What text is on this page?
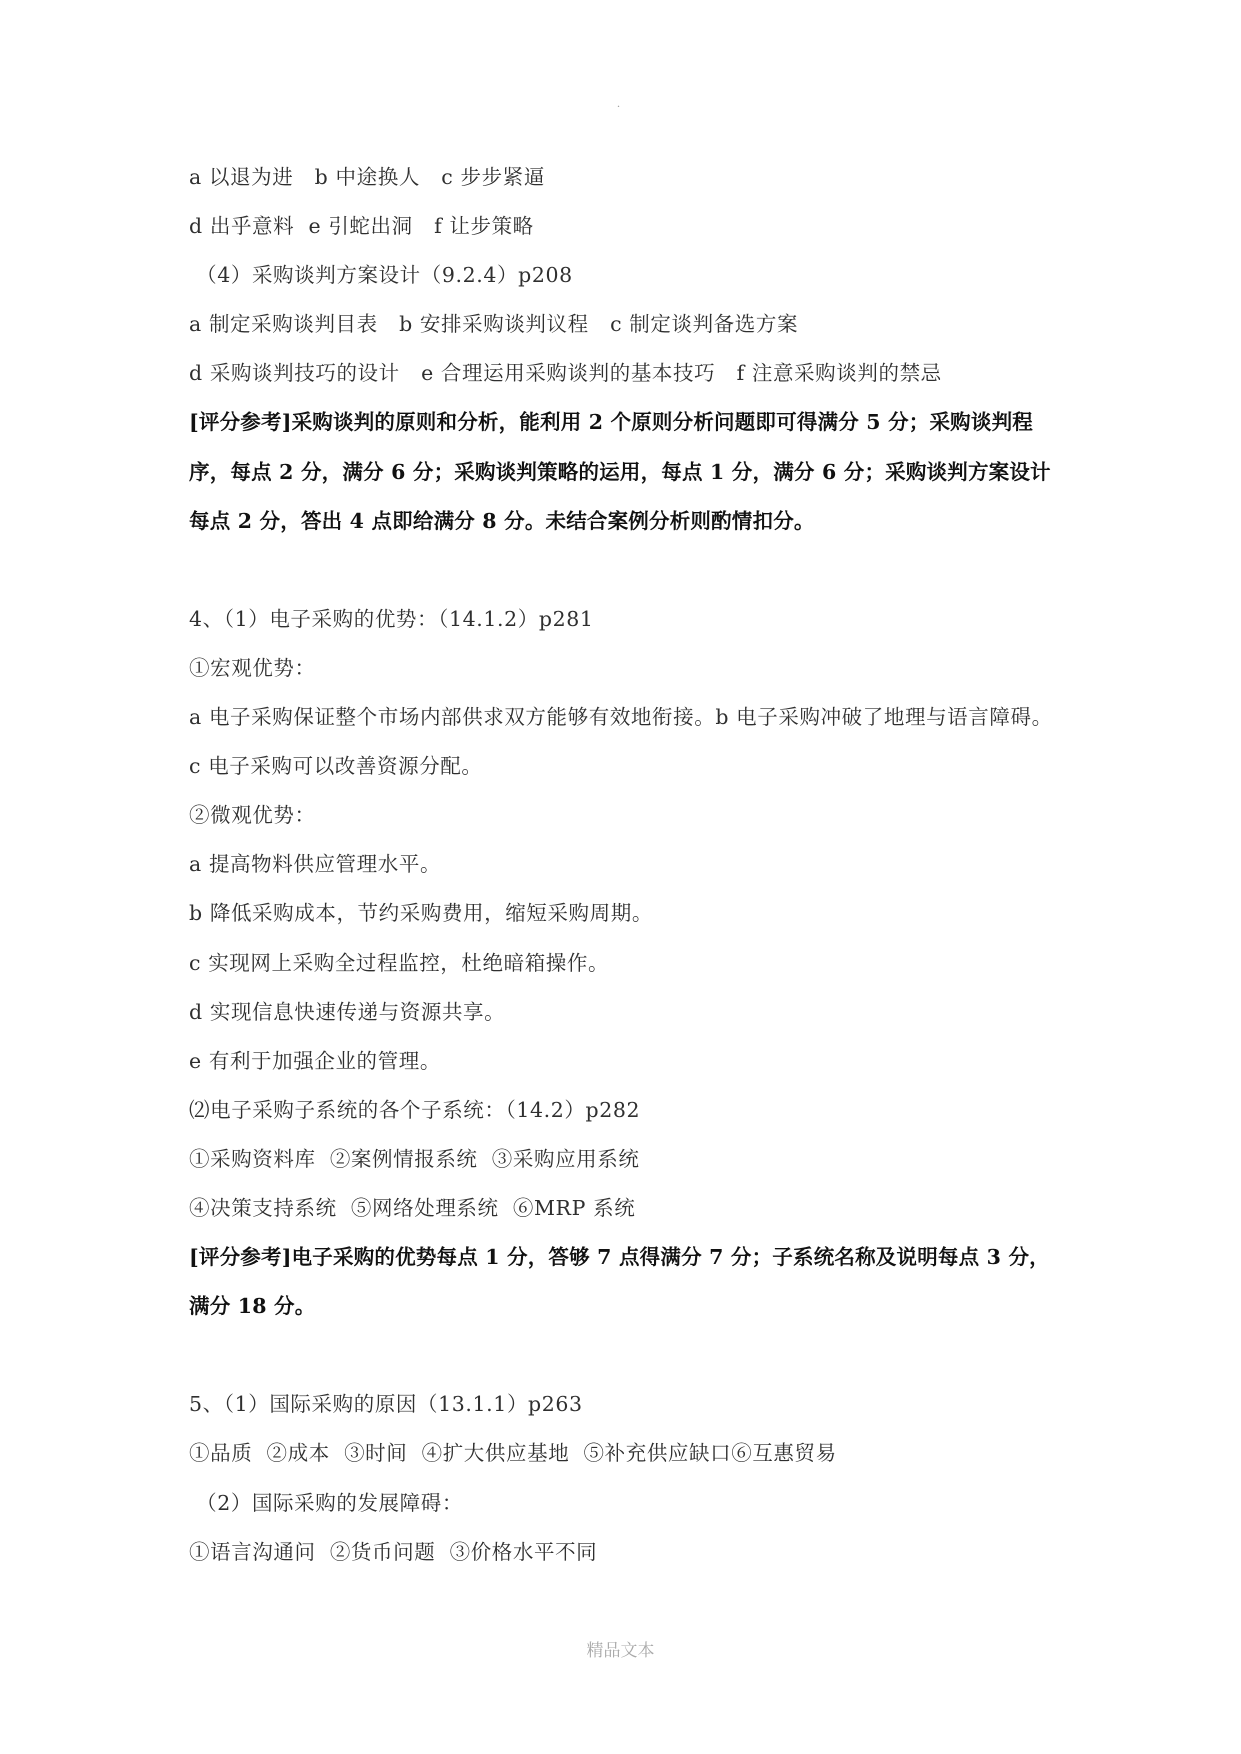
.
a 以退为进   b 中途换人   c 步步紧逼
d 出乎意料  e 引蛇出洞   f 让步策略
（4）采购谈判方案设计（9.2.4）p208
a 制定采购谈判目表   b 安排采购谈判议程   c 制定谈判备选方案
d 采购谈判技巧的设计   e 合理运用采购谈判的基本技巧   f 注意采购谈判的禁忌
[评分参考]采购谈判的原则和分析，能利用 2 个原则分析问题即可得满分 5 分；采购谈判程
序，每点 2 分，满分 6 分；采购谈判策略的运用，每点 1 分，满分 6 分；采购谈判方案设计
每点 2 分，答出 4 点即给满分 8 分。未结合案例分析则酌情扣分。
4、（1）电子采购的优势：（14.1.2）p281
①宏观优势：
a 电子采购保证整个市场内部供求双方能够有效地衔接。b 电子采购冲破了地理与语言障碍。
c 电子采购可以改善资源分配。
②微观优势：
a 提高物料供应管理水平。
b 降低采购成本，节约采购费用，缩短采购周期。
c 实现网上采购全过程监控，杜绝暗箱操作。
d 实现信息快速传递与资源共享。
e 有利于加强企业的管理。
⑵电子采购子系统的各个子系统：（14.2）p282
①采购资料库  ②案例情报系统  ③采购应用系统
④决策支持系统  ⑤网络处理系统  ⑥MRP 系统
[评分参考]电子采购的优势每点 1 分，答够 7 点得满分 7 分；子系统名称及说明每点 3 分，
满分 18 分。
5、（1）国际采购的原因（13.1.1）p263
①品质  ②成本  ③时间  ④扩大供应基地  ⑤补充供应缺口⑥互惠贸易
（2）国际采购的发展障碍：
①语言沟通问  ②货币问题  ③价格水平不同
精品文本
